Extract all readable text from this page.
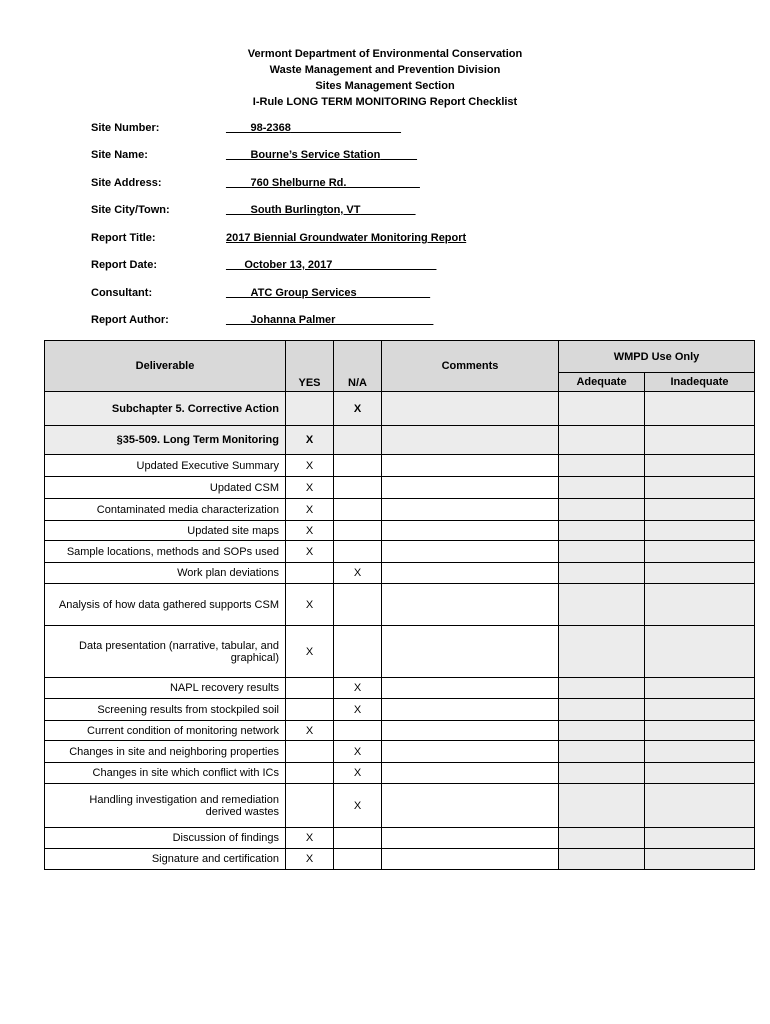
Vermont Department of Environmental Conservation
Waste Management and Prevention Division
Sites Management Section
I-Rule LONG TERM MONITORING Report Checklist
Site Number:	____98-2368__________________
Site Name:	____Bourne’s Service Station______
Site Address:	____760 Shelburne Rd.____________
Site City/Town:	____South Burlington, VT_________
Report Title:	2017 Biennial Groundwater Monitoring Report
Report Date:	___October 13, 2017_________________
Consultant:	____ATC Group Services____________
Report Author:	____Johanna Palmer________________
Deliverable	YES	N/A	Comments	WMPD Use Only	
				Adequate	Inadequate
Subchapter 5. Corrective Action		X			
§35-509. Long Term Monitoring	X				
Updated Executive Summary	X				
Updated CSM	X				
Contaminated media characterization	X				
Updated site maps	X				
Sample locations, methods and SOPs used	X				
Work plan deviations		X			
Analysis of how data gathered supports CSM	X				
Data presentation (narrative, tabular, and graphical)	X				
NAPL recovery results		X			
Screening results from stockpiled soil		X			
Current condition of monitoring network	X				
Changes in site and neighboring properties		X			
Changes in site which conflict with ICs		X			
Handling investigation and remediation derived wastes		X			
Discussion of findings	X				
Signature and certification	X				
